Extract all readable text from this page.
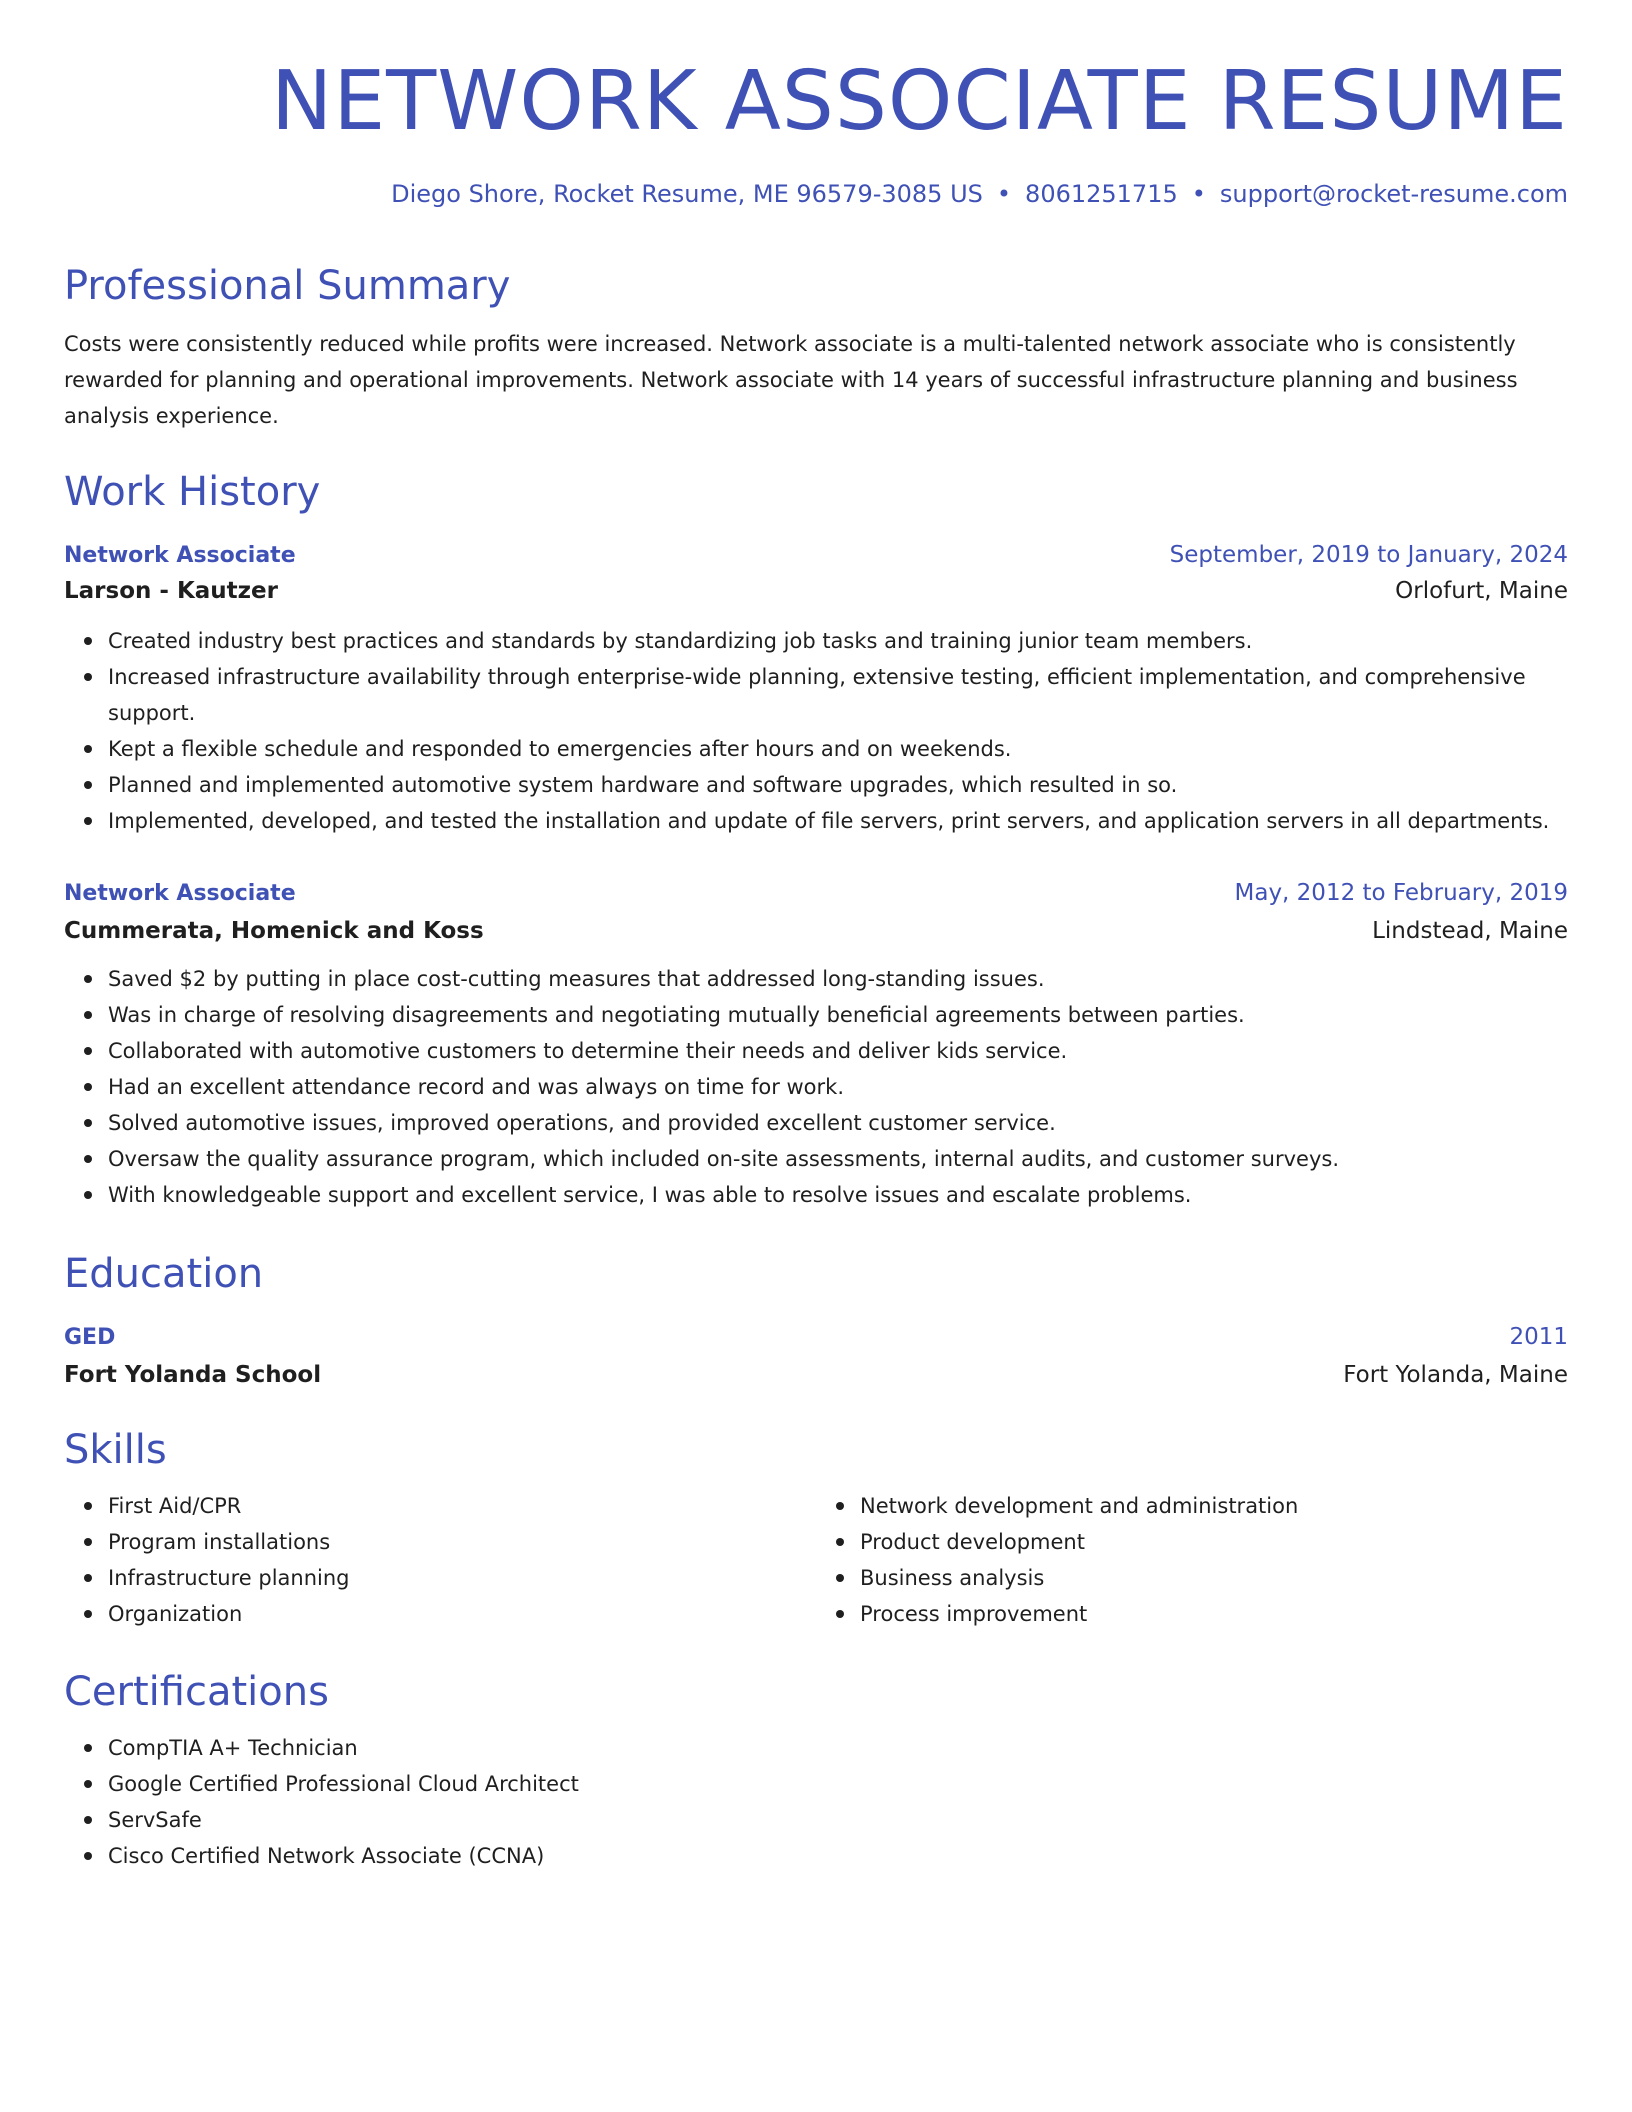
NETWORK ASSOCIATE RESUME
Diego Shore, Rocket Resume, ME 96579-3085 US • 8061251715 • support@rocket-resume.com
Professional Summary

Costs were consistently reduced while profits were increased. Network associate is a multi-talented network associate who is consistently rewarded for planning and operational improvements. Network associate with 14 years of successful infrastructure planning and business analysis experience.

Work History
Network Associate	September, 2019 to January, 2024
Larson - Kautzer	Orlofurt, Maine
Created industry best practices and standards by standardizing job tasks and training junior team members.
Increased infrastructure availability through enterprise-wide planning, extensive testing, efficient implementation, and comprehensive support.
Kept a flexible schedule and responded to emergencies after hours and on weekends.
Planned and implemented automotive system hardware and software upgrades, which resulted in so.
Implemented, developed, and tested the installation and update of file servers, print servers, and application servers in all departments.
Network Associate	May, 2012 to February, 2019
Cummerata, Homenick and Koss	Lindstead, Maine
Saved $2 by putting in place cost-cutting measures that addressed long-standing issues.
Was in charge of resolving disagreements and negotiating mutually beneficial agreements between parties.
Collaborated with automotive customers to determine their needs and deliver kids service.
Had an excellent attendance record and was always on time for work.
Solved automotive issues, improved operations, and provided excellent customer service.
Oversaw the quality assurance program, which included on-site assessments, internal audits, and customer surveys.
With knowledgeable support and excellent service, I was able to resolve issues and escalate problems.
Education
GED	2011
Fort Yolanda School	Fort Yolanda, Maine
Skills
First Aid/CPR
Program installations
Infrastructure planning
Organization
Network development and administration
Product development
Business analysis
Process improvement
Certifications
CompTIA A+ Technician
Google Certified Professional Cloud Architect
ServSafe
Cisco Certified Network Associate (CCNA)
